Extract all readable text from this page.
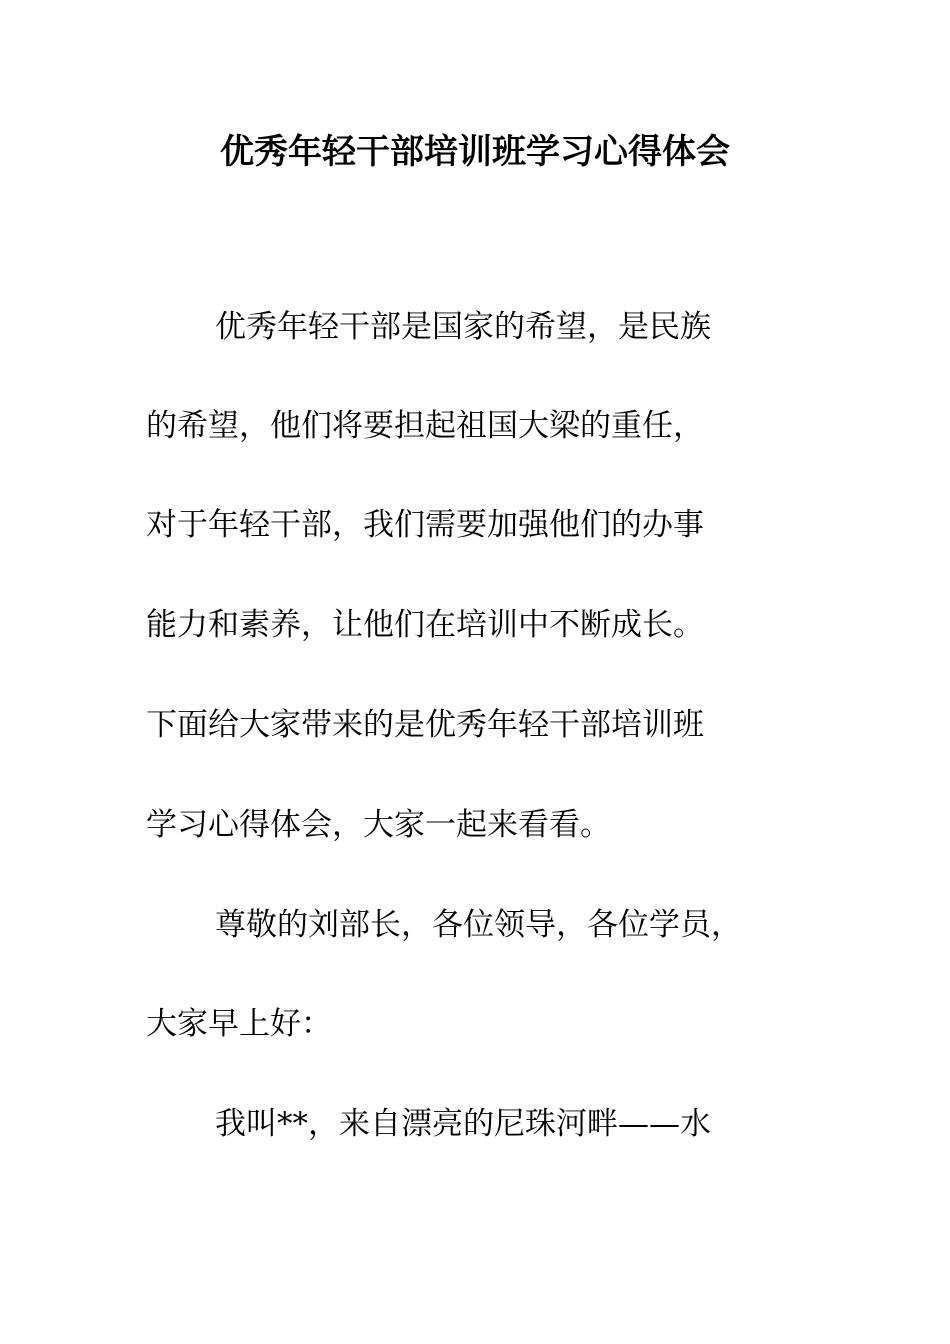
优秀年轻干部培训班学习心得体会
优秀年轻干部是国家的希望，是民族
的希望，他们将要担起祖国大梁的重任，
对于年轻干部，我们需要加强他们的办事
能力和素养，让他们在培训中不断成长。
下面给大家带来的是优秀年轻干部培训班
学习心得体会，大家一起来看看。
尊敬的刘部长，各位领导，各位学员，
大家早上好：
我叫**，来自漂亮的尼珠河畔——水
